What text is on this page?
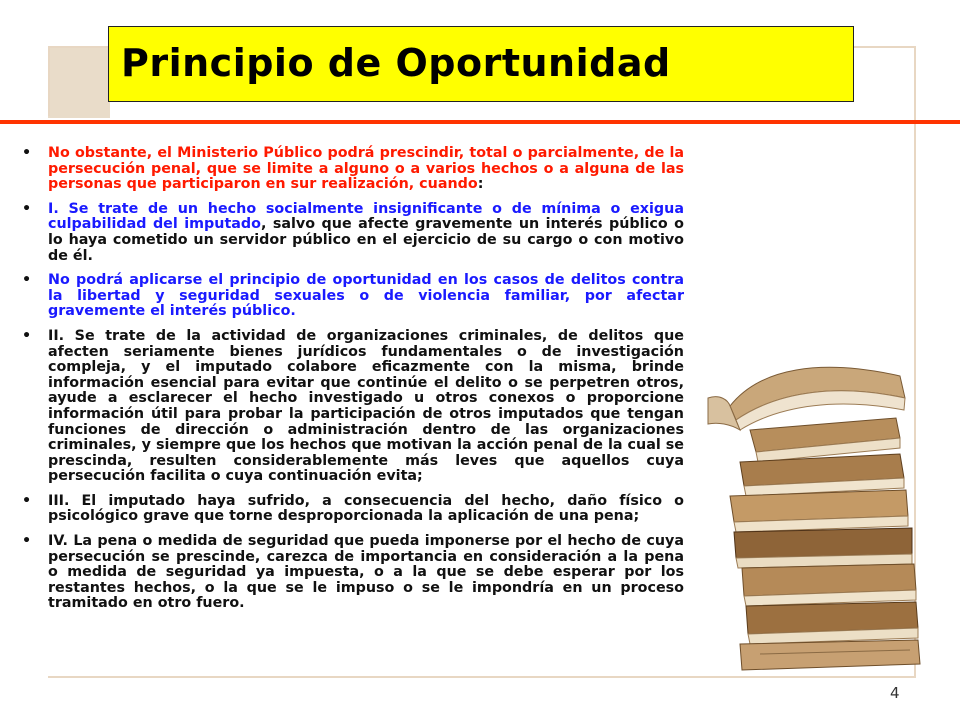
Principio de Oportunidad
• No obstante, el Ministerio Público podrá prescindir, total o parcialmente, de la persecución penal, que se limite a alguno o a varios hechos o a alguna de las personas que participaron en sur realización, cuando:
• I. Se trate de un hecho socialmente insignificante o de mínima o exigua culpabilidad del imputado, salvo que afecte gravemente un interés público o lo haya cometido un servidor público en el ejercicio de su cargo o con motivo de él.
• No podrá aplicarse el principio de oportunidad en los casos de delitos contra la libertad y seguridad sexuales o de violencia familiar, por afectar gravemente el interés público.
• II. Se trate de la actividad de organizaciones criminales, de delitos que afecten seriamente bienes jurídicos fundamentales o de investigación compleja, y el imputado colabore eficazmente con la misma, brinde información esencial para evitar que continúe el delito o se perpetren otros, ayude a esclarecer el hecho investigado u otros conexos o proporcione información útil para probar la participación de otros imputados que tengan funciones de dirección o administración dentro de las organizaciones criminales, y siempre que los hechos que motivan la acción penal de la cual se prescinda, resulten considerablemente más leves que aquellos cuya persecución facilita o cuya continuación evita;
• III. El imputado haya sufrido, a consecuencia del hecho, daño físico o psicológico grave que torne desproporcionada la aplicación de una pena;
• IV. La pena o medida de seguridad que pueda imponerse por el hecho de cuya persecución se prescinde, carezca de importancia en consideración a la pena o medida de seguridad ya impuesta, o a la que se debe esperar por los restantes hechos, o la que se le impuso o se le impondría en un proceso tramitado en otro fuero.
4
